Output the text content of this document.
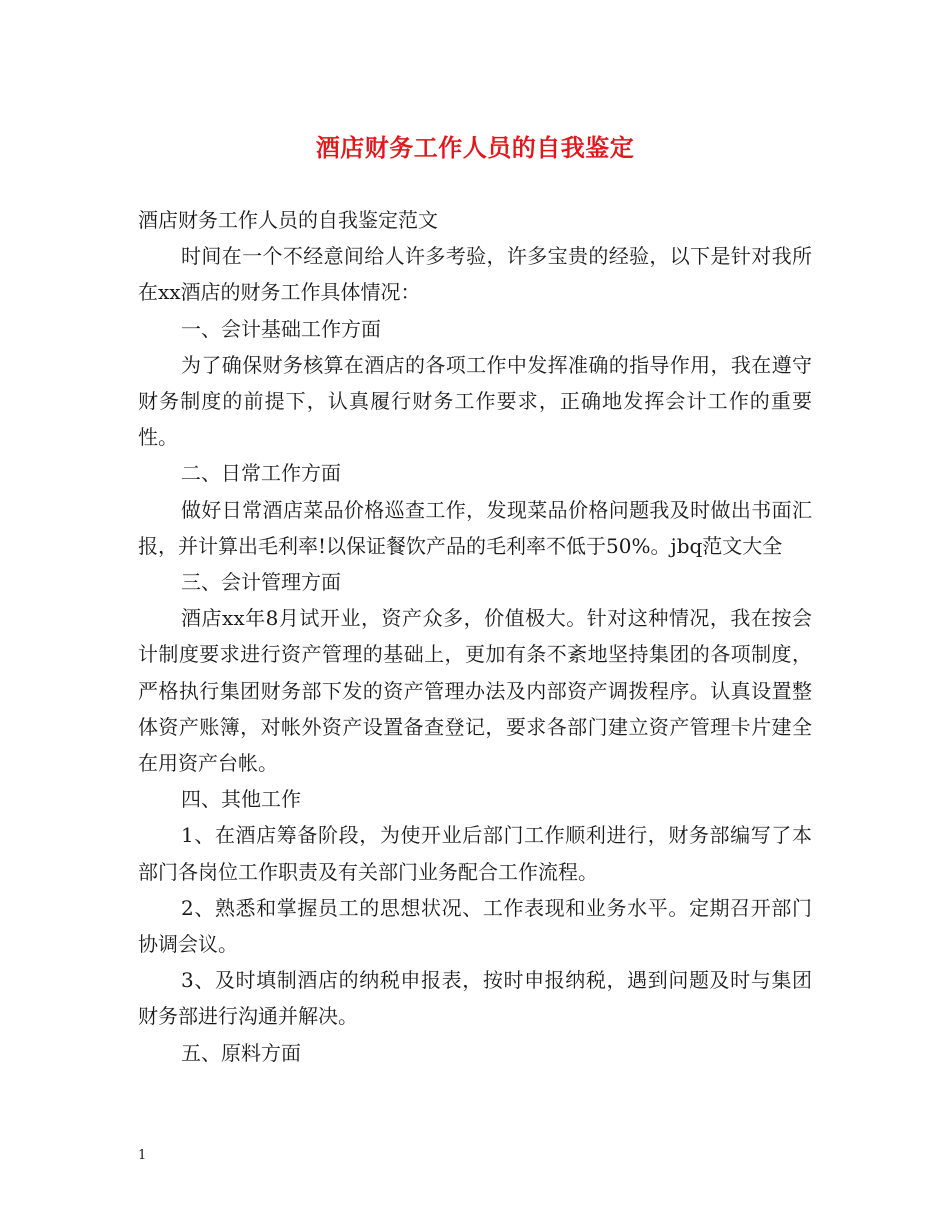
酒店财务工作人员的自我鉴定

酒店财务工作人员的自我鉴定范文

时间在一个不经意间给人许多考验，许多宝贵的经验，以下是针对我所在xx酒店的财务工作具体情况：

一、会计基础工作方面

为了确保财务核算在酒店的各项工作中发挥准确的指导作用，我在遵守财务制度的前提下，认真履行财务工作要求，正确地发挥会计工作的重要性。

二、日常工作方面

做好日常酒店菜品价格巡查工作，发现菜品价格问题我及时做出书面汇报，并计算出毛利率!以保证餐饮产品的毛利率不低于50%。jbq范文大全

三、会计管理方面

酒店xx年8月试开业，资产众多，价值极大。针对这种情况，我在按会计制度要求进行资产管理的基础上，更加有条不紊地坚持集团的各项制度，严格执行集团财务部下发的资产管理办法及内部资产调拨程序。认真设置整体资产账簿，对帐外资产设置备查登记，要求各部门建立资产管理卡片建全在用资产台帐。

四、其他工作

1、在酒店筹备阶段，为使开业后部门工作顺利进行，财务部编写了本部门各岗位工作职责及有关部门业务配合工作流程。

2、熟悉和掌握员工的思想状况、工作表现和业务水平。定期召开部门协调会议。

3、及时填制酒店的纳税申报表，按时申报纳税，遇到问题及时与集团财务部进行沟通并解决。

五、原料方面

1
